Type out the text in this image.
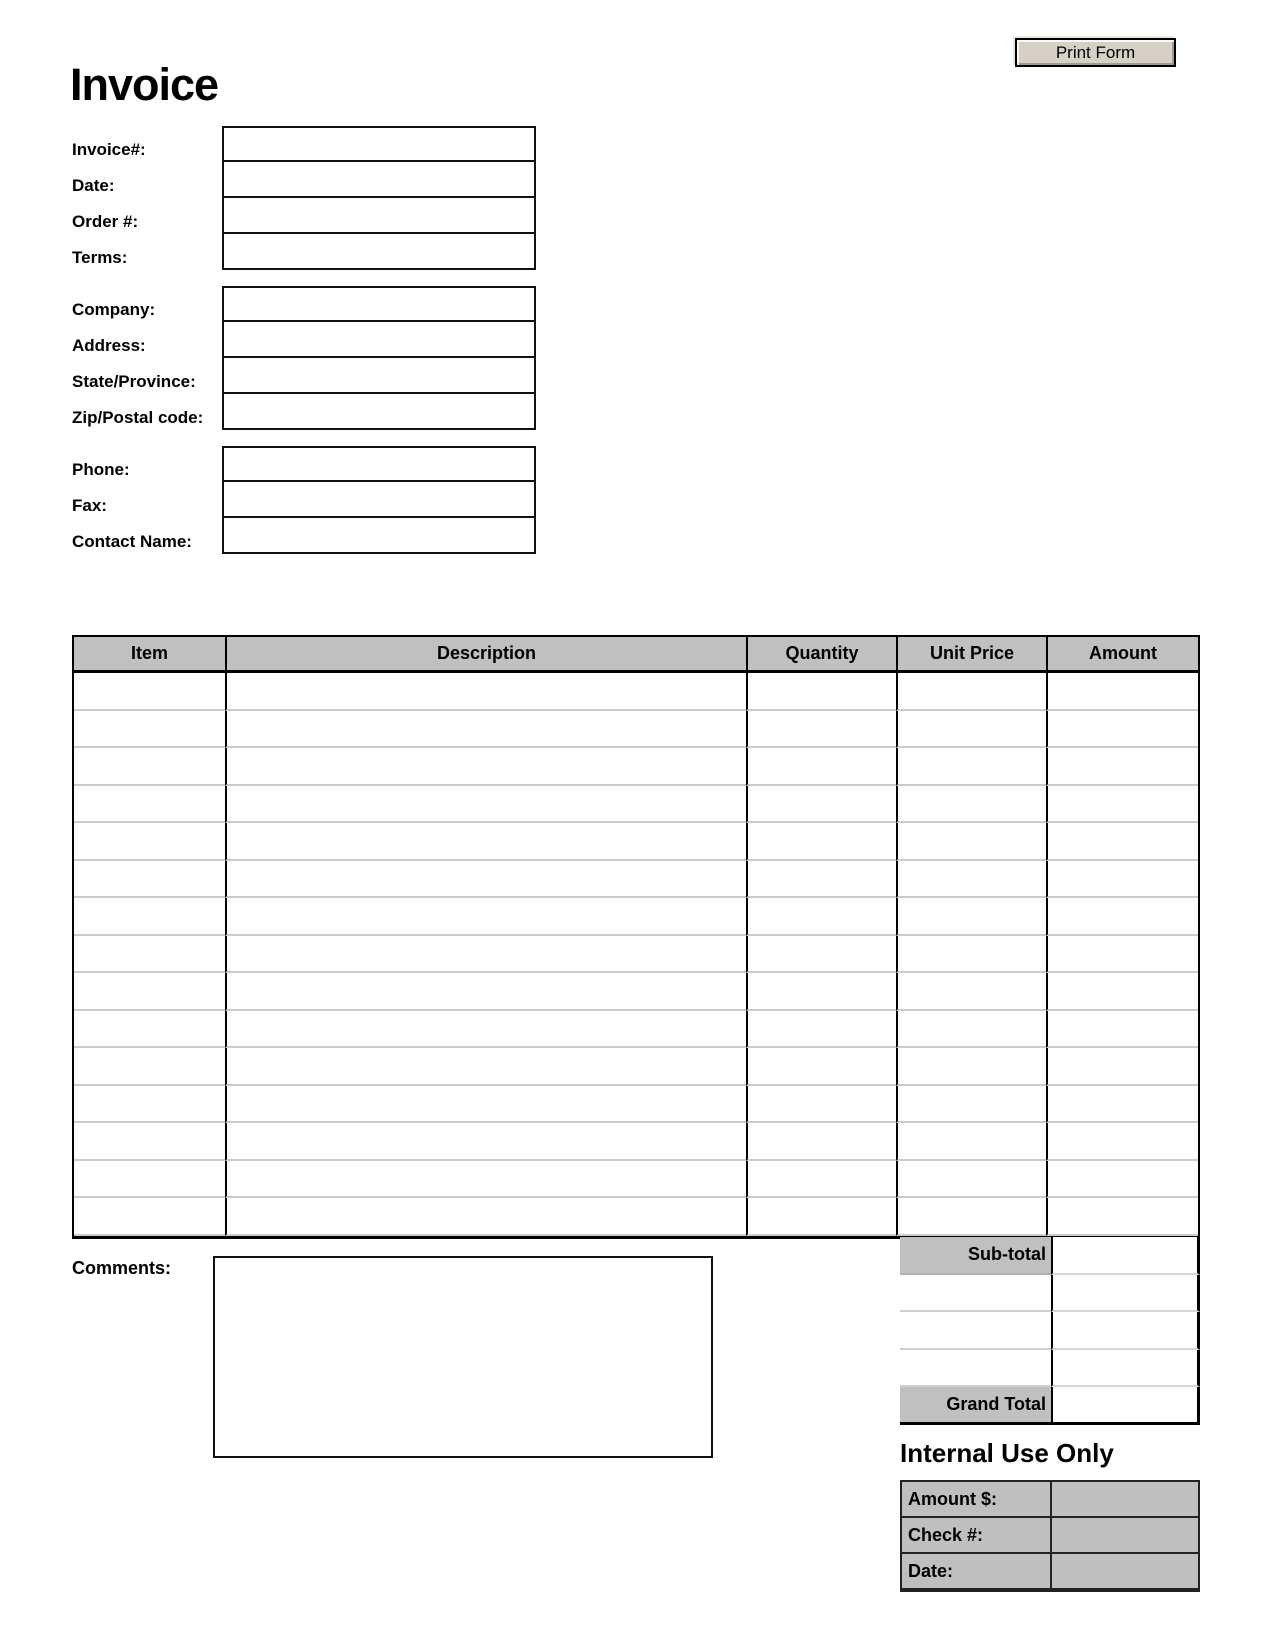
Print Form
Invoice
Invoice#:
Date:
Order #:
Terms:
Company:
Address:
State/Province:
Zip/Postal code:
Phone:
Fax:
Contact Name:
Item	Description	Quantity	Unit Price	Amount
Sub-total
Grand Total
Comments:
Internal Use Only
Amount $:
Check #:
Date:
